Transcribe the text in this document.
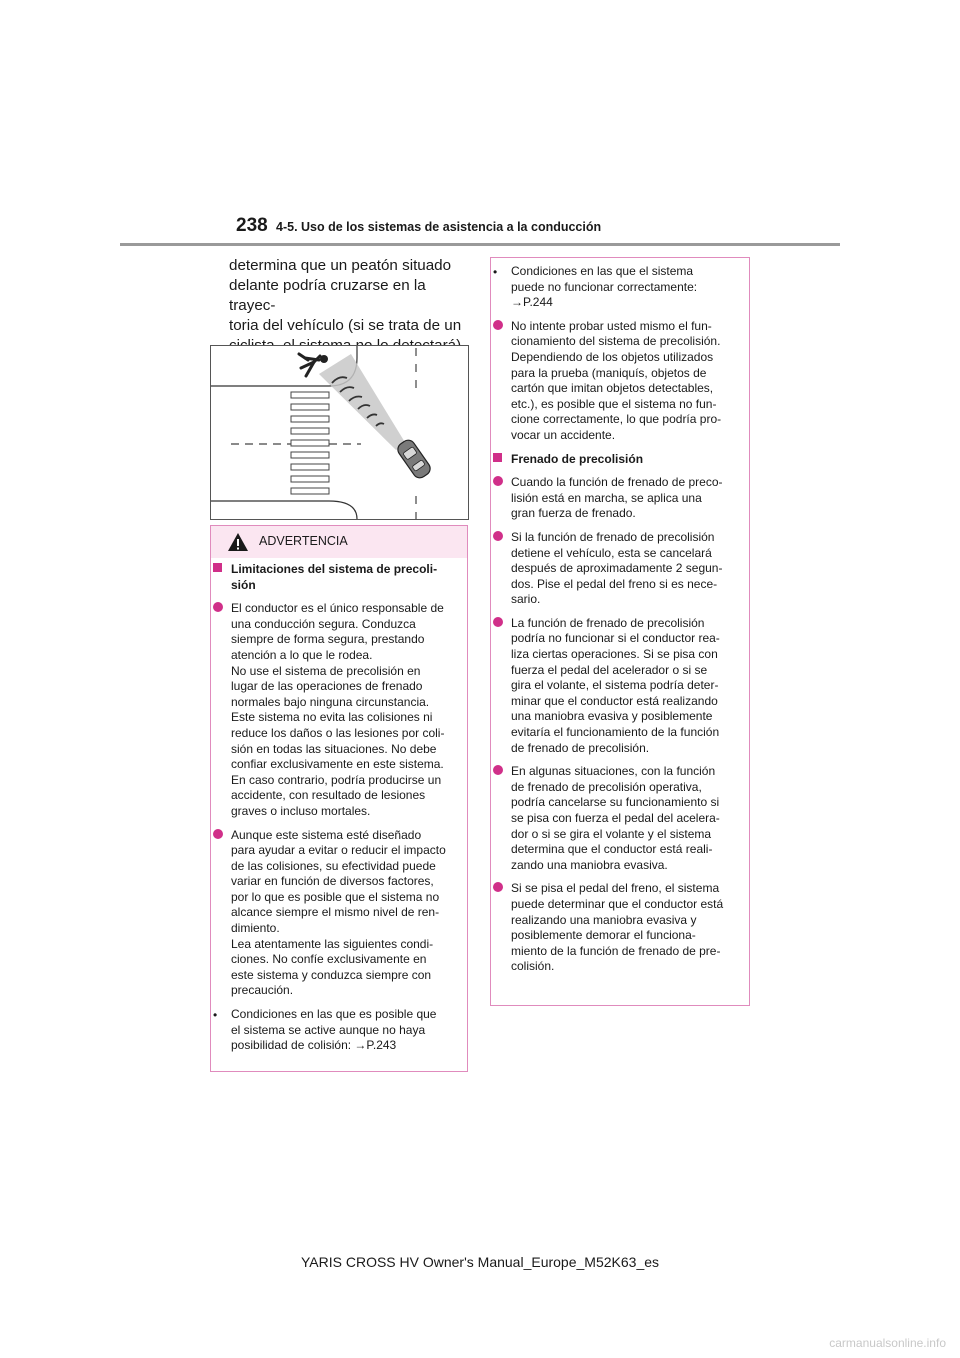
238 4-5. Uso de los sistemas de asistencia a la conducción

determina que un peatón situado
delante podría cruzarse en la trayec-
toria del vehículo (si se trata de un

ADVERTENCIA

Limitaciones del sistema de precoli-

sión

El conductor es el único responsable de

una conducción segura. Conduzca

siempre de forma segura, prestando

atención a lo que le rodea.

No use el sistema de precolisión en

lugar de las operaciones de frenado

normales bajo ninguna circunstancia.

Este sistema no evita las colisiones ni

reduce los daños o las lesiones por coli-

sión en todas las situaciones. No debe

confiar exclusivamente en este sistema.

En caso contrario, podría producirse un

accidente, con resultado de lesiones

graves o incluso mortales.

Aunque este sistema esté diseñado

para ayudar a evitar o reducir el impacto

de las colisiones, su efectividad puede

variar en función de diversos factores,

por lo que es posible que el sistema no

alcance siempre el mismo nivel de ren-

dimiento.

Lea atentamente las siguientes condi-

ciones. No confíe exclusivamente en

este sistema y conduzca siempre con

precaución.

• Condiciones en las que es posible que

el sistema se active aunque no haya

posibilidad de colisión: →P.243

• Condiciones en las que el sistema

puede no funcionar correctamente:

→P.244

No intente probar usted mismo el fun-

cionamiento del sistema de precolisión.

Dependiendo de los objetos utilizados

para la prueba (maniquís, objetos de

cartón que imitan objetos detectables,

etc.), es posible que el sistema no fun-

cione correctamente, lo que podría pro-

vocar un accidente.

Frenado de precolisión

Cuando la función de frenado de preco-

lisión está en marcha, se aplica una

gran fuerza de frenado.

Si la función de frenado de precolisión

detiene el vehículo, esta se cancelará

después de aproximadamente 2 segun-

dos. Pise el pedal del freno si es nece-

sario.

La función de frenado de precolisión

podría no funcionar si el conductor rea-

liza ciertas operaciones. Si se pisa con

fuerza el pedal del acelerador o si se

gira el volante, el sistema podría deter-

minar que el conductor está realizando

una maniobra evasiva y posiblemente

evitaría el funcionamiento de la función

de frenado de precolisión.

En algunas situaciones, con la función

de frenado de precolisión operativa,

podría cancelarse su funcionamiento si

se pisa con fuerza el pedal del acelera-

dor o si se gira el volante y el sistema

determina que el conductor está reali-

zando una maniobra evasiva.

Si se pisa el pedal del freno, el sistema

puede determinar que el conductor está

realizando una maniobra evasiva y

posiblemente demorar el funciona-

miento de la función de frenado de pre-

colisión.

YARIS CROSS HV Owner's Manual_Europe_M52K63_es
carmanualsonline.info
